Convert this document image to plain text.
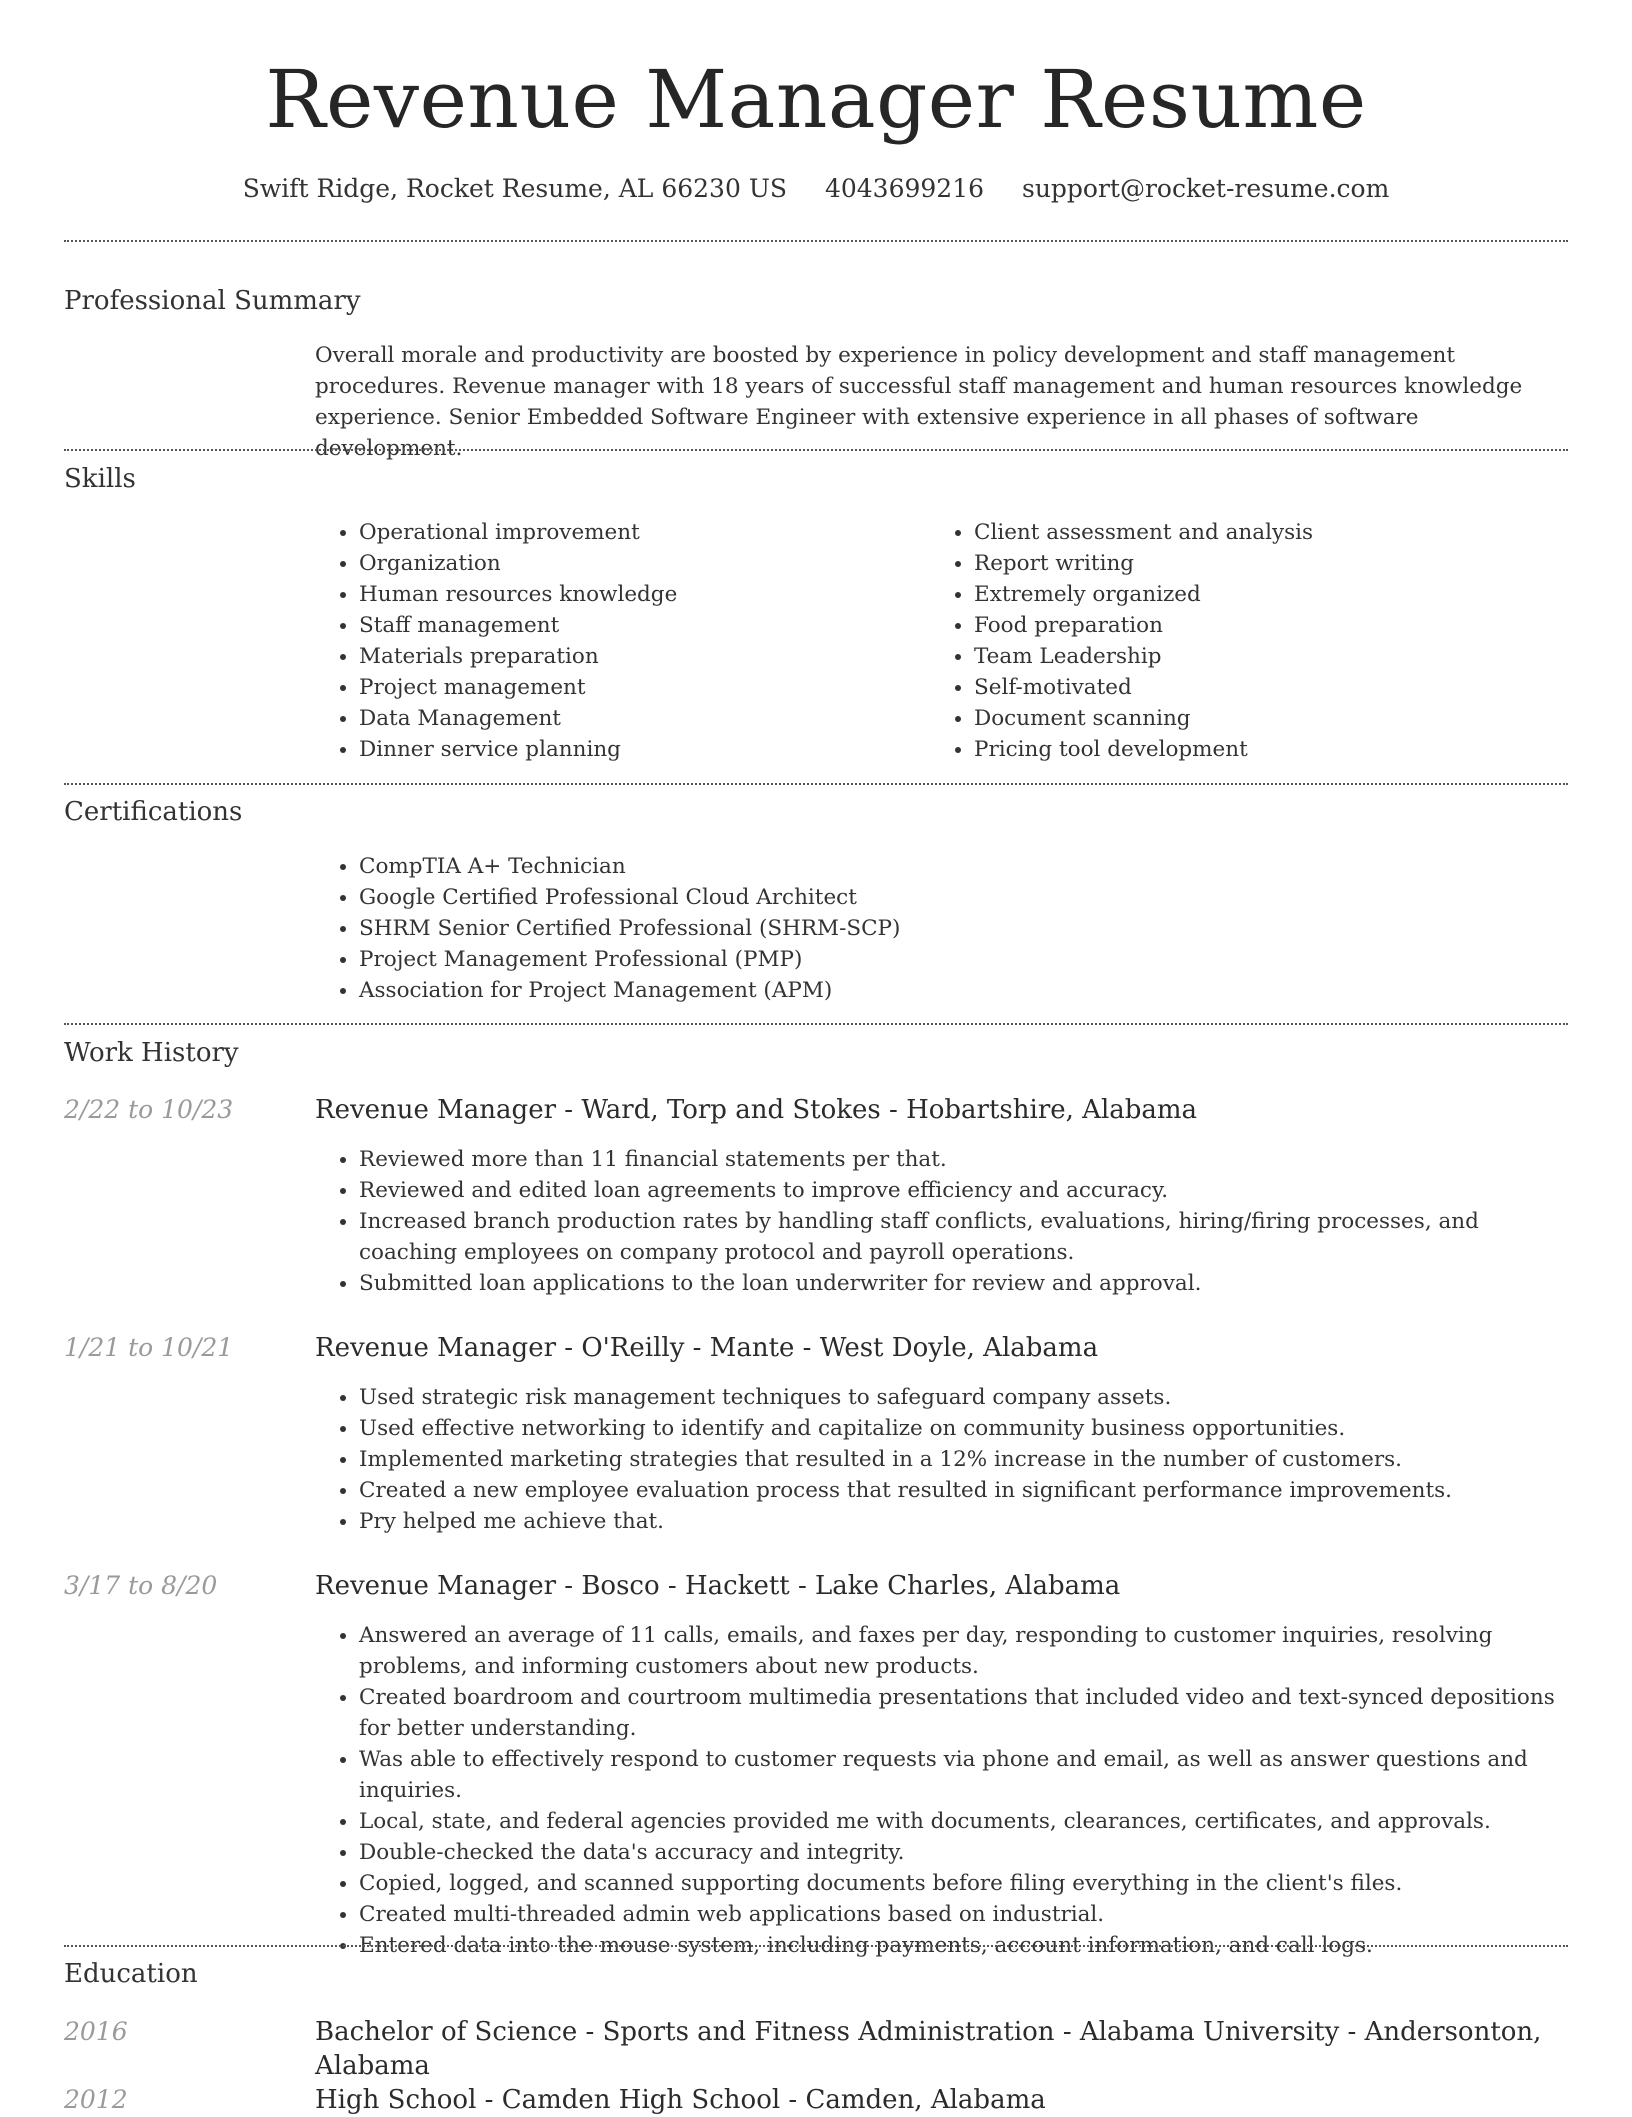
Revenue Manager Resume
Swift Ridge, Rocket Resume, AL 66230 US 4043699216 support@rocket-resume.com
Professional Summary
Overall morale and productivity are boosted by experience in policy development and staff management procedures. Revenue manager with 18 years of successful staff management and human resources knowledge experience. Senior Embedded Software Engineer with extensive experience in all phases of software development.
Skills
• Operational improvement
• Organization
• Human resources knowledge
• Staff management
• Materials preparation
• Project management
• Data Management
• Dinner service planning
• Client assessment and analysis
• Report writing
• Extremely organized
• Food preparation
• Team Leadership
• Self-motivated
• Document scanning
• Pricing tool development
Certifications
• CompTIA A+ Technician
• Google Certified Professional Cloud Architect
• SHRM Senior Certified Professional (SHRM-SCP)
• Project Management Professional (PMP)
• Association for Project Management (APM)
Work History
2/22 to 10/23	Revenue Manager - Ward, Torp and Stokes - Hobartshire, Alabama
• Reviewed more than 11 financial statements per that.
• Reviewed and edited loan agreements to improve efficiency and accuracy.
• Increased branch production rates by handling staff conflicts, evaluations, hiring/firing processes, and coaching employees on company protocol and payroll operations.
• Submitted loan applications to the loan underwriter for review and approval.
1/21 to 10/21	Revenue Manager - O'Reilly - Mante - West Doyle, Alabama
• Used strategic risk management techniques to safeguard company assets.
• Used effective networking to identify and capitalize on community business opportunities.
• Implemented marketing strategies that resulted in a 12% increase in the number of customers.
• Created a new employee evaluation process that resulted in significant performance improvements.
• Pry helped me achieve that.
3/17 to 8/20	Revenue Manager - Bosco - Hackett - Lake Charles, Alabama
• Answered an average of 11 calls, emails, and faxes per day, responding to customer inquiries, resolving problems, and informing customers about new products.
• Created boardroom and courtroom multimedia presentations that included video and text-synced depositions for better understanding.
• Was able to effectively respond to customer requests via phone and email, as well as answer questions and inquiries.
• Local, state, and federal agencies provided me with documents, clearances, certificates, and approvals.
• Double-checked the data's accuracy and integrity.
• Copied, logged, and scanned supporting documents before filing everything in the client's files.
• Created multi-threaded admin web applications based on industrial.
• Entered data into the mouse system, including payments, account information, and call logs.
Education
2016	Bachelor of Science - Sports and Fitness Administration - Alabama University - Andersonton, Alabama
2012	High School - Camden High School - Camden, Alabama
